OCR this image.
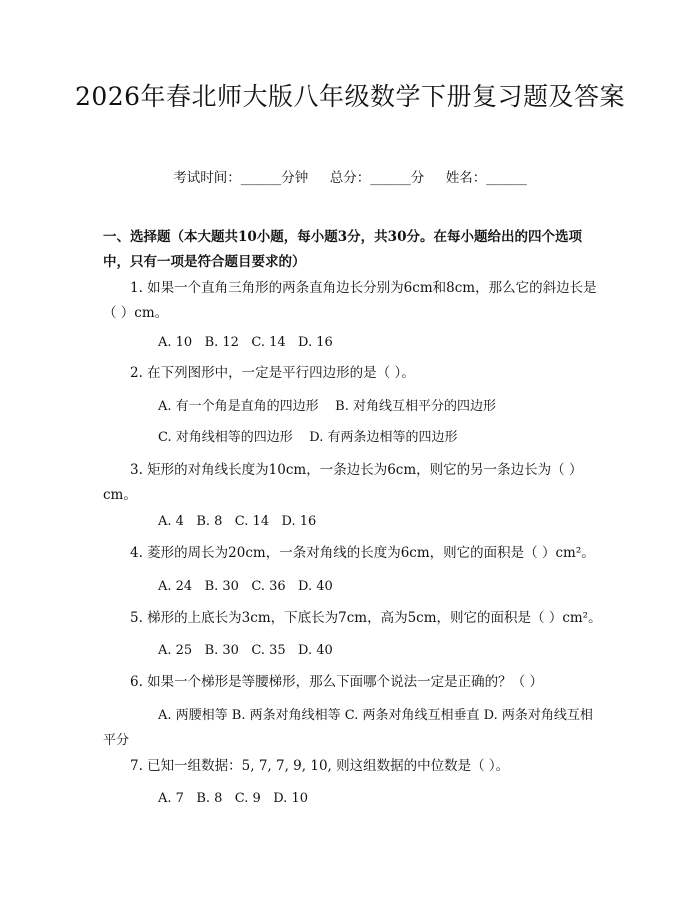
2026年春北师大版八年级数学下册复习题及答案
考试时间：______分钟     总分：______分     姓名：______
一、选择题（本大题共10小题，每小题3分，共30分。在每小题给出的四个选项中，只有一项是符合题目要求的）
1. 如果一个直角三角形的两条直角边长分别为6cm和8cm，那么它的斜边长是（ ）cm。
A. 10   B. 12   C. 14   D. 16
2. 在下列图形中，一定是平行四边形的是（ ）。
A. 有一个角是直角的四边形    B. 对角线互相平分的四边形
C. 对角线相等的四边形    D. 有两条边相等的四边形
3. 矩形的对角线长度为10cm，一条边长为6cm，则它的另一条边长为（ ）cm。
A. 4   B. 8   C. 14   D. 16
4. 菱形的周长为20cm，一条对角线的长度为6cm，则它的面积是（ ）cm²。
A. 24   B. 30   C. 36   D. 40
5. 梯形的上底长为3cm，下底长为7cm，高为5cm，则它的面积是（ ）cm²。
A. 25   B. 30   C. 35   D. 40
6. 如果一个梯形是等腰梯形，那么下面哪个说法一定是正确的？（ ）
A. 两腰相等 B. 两条对角线相等 C. 两条对角线互相垂直 D. 两条对角线互相平分
7. 已知一组数据：5, 7, 7, 9, 10, 则这组数据的中位数是（ ）。
A. 7   B. 8   C. 9   D. 10
